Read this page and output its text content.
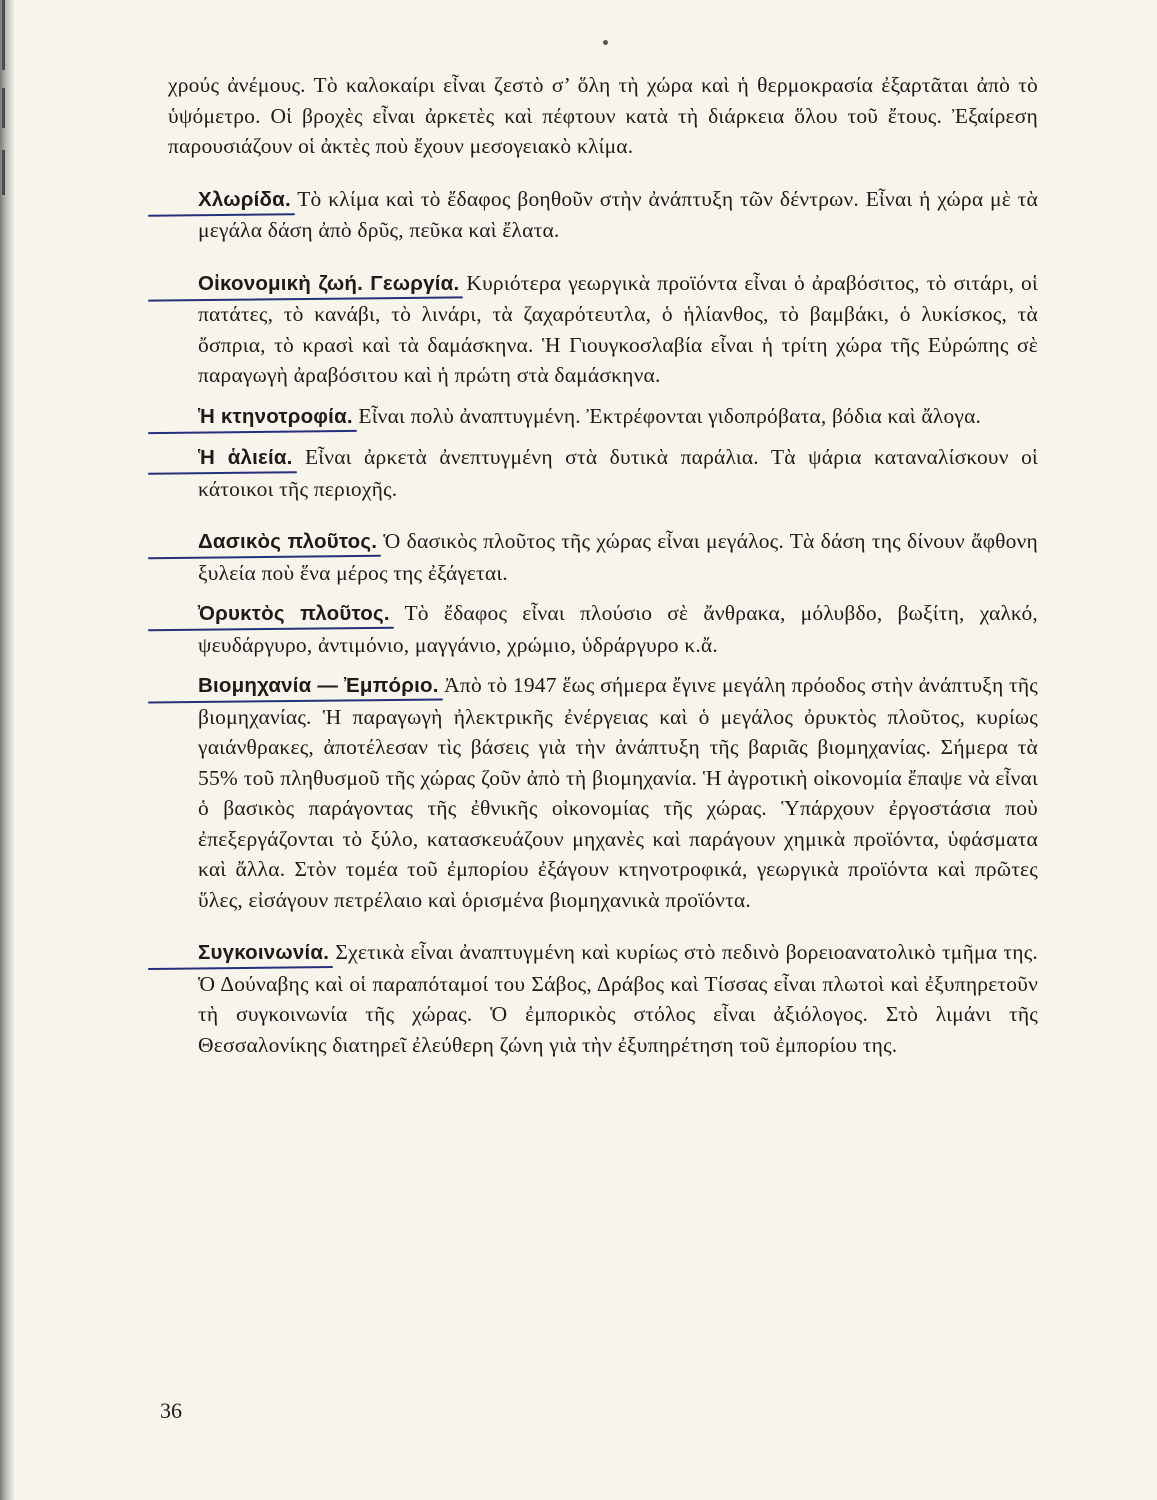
χρούς ἀνέμους. Τὸ καλοκαίρι εἶναι ζεστὸ σ’ ὅλη τὴ χώρα καὶ ἡ θερμοκρασία ἐξαρτᾶται ἀπὸ τὸ ὑψόμετρο. Οἱ βροχὲς εἶναι ἀρκετὲς καὶ πέφτουν κατὰ τὴ διάρκεια ὅλου τοῦ ἔτους. Ἐξαίρεση παρουσιάζουν οἱ ἀκτὲς ποὺ ἔχουν μεσογειακὸ κλίμα.

Χλωρίδα. Τὸ κλίμα καὶ τὸ ἔδαφος βοηθοῦν στὴν ἀνάπτυξη τῶν δέντρων. Εἶναι ἡ χώρα μὲ τὰ μεγάλα δάση ἀπὸ δρῦς, πεῦκα καὶ ἔλατα.

Οἰκονομικὴ ζωή. Γεωργία. Κυριότερα γεωργικὰ προϊόντα εἶναι ὁ ἀραβόσιτος, τὸ σιτάρι, οἱ πατάτες, τὸ κανάβι, τὸ λινάρι, τὰ ζαχαρότευτλα, ὁ ἡλίανθος, τὸ βαμβάκι, ὁ λυκίσκος, τὰ ὄσπρια, τὸ κρασὶ καὶ τὰ δαμάσκηνα. Ἡ Γιουγκοσλαβία εἶναι ἡ τρίτη χώρα τῆς Εὐρώπης σὲ παραγωγὴ ἀραβόσιτου καὶ ἡ πρώτη στὰ δαμάσκηνα.

Ἡ κτηνοτροφία. Εἶναι πολὺ ἀναπτυγμένη. Ἐκτρέφονται γιδοπρόβατα, βόδια καὶ ἄλογα.

Ἡ ἁλιεία. Εἶναι ἀρκετὰ ἀνεπτυγμένη στὰ δυτικὰ παράλια. Τὰ ψάρια καταναλίσκουν οἱ κάτοικοι τῆς περιοχῆς.

Δασικὸς πλοῦτος. Ὁ δασικὸς πλοῦτος τῆς χώρας εἶναι μεγάλος. Τὰ δάση της δίνουν ἄφθονη ξυλεία ποὺ ἕνα μέρος της ἐξάγεται.

Ὀρυκτὸς πλοῦτος. Τὸ ἔδαφος εἶναι πλούσιο σὲ ἄνθρακα, μόλυβδο, βωξίτη, χαλκό, ψευδάργυρο, ἀντιμόνιο, μαγγάνιο, χρώμιο, ὑδράργυρο κ.ἄ.

Βιομηχανία — Ἐμπόριο. Ἀπὸ τὸ 1947 ἕως σήμερα ἔγινε μεγάλη πρόοδος στὴν ἀνάπτυξη τῆς βιομηχανίας. Ἡ παραγωγὴ ἠλεκτρικῆς ἐνέργειας καὶ ὁ μεγάλος ὀρυκτὸς πλοῦτος, κυρίως γαιάνθρακες, ἀποτέλεσαν τὶς βάσεις γιὰ τὴν ἀνάπτυξη τῆς βαριᾶς βιομηχανίας. Σήμερα τὰ 55% τοῦ πληθυσμοῦ τῆς χώρας ζοῦν ἀπὸ τὴ βιομηχανία. Ἡ ἀγροτικὴ οἰκονομία ἔπαψε νὰ εἶναι ὁ βασικὸς παράγοντας τῆς ἐθνικῆς οἰκονομίας τῆς χώρας. Ὑπάρχουν ἐργοστάσια ποὺ ἐπεξεργάζονται τὸ ξύλο, κατασκευάζουν μηχανὲς καὶ παράγουν χημικὰ προϊόντα, ὑφάσματα καὶ ἄλλα. Στὸν τομέα τοῦ ἐμπορίου ἐξάγουν κτηνοτροφικά, γεωργικὰ προϊόντα καὶ πρῶτες ὕλες, εἰσάγουν πετρέλαιο καὶ ὁρισμένα βιομηχανικὰ προϊόντα.

Συγκοινωνία. Σχετικὰ εἶναι ἀναπτυγμένη καὶ κυρίως στὸ πεδινὸ βορειοανατολικὸ τμῆμα της. Ὁ Δούναβης καὶ οἱ παραπόταμοί του Σάβος, Δράβος καὶ Τίσσας εἶναι πλωτοὶ καὶ ἐξυπηρετοῦν τὴ συγκοινωνία τῆς χώρας. Ὁ ἐμπορικὸς στόλος εἶναι ἀξιόλογος. Στὸ λιμάνι τῆς Θεσσαλονίκης διατηρεῖ ἐλεύθερη ζώνη γιὰ τὴν ἐξυπηρέτηση τοῦ ἐμπορίου της.

36
